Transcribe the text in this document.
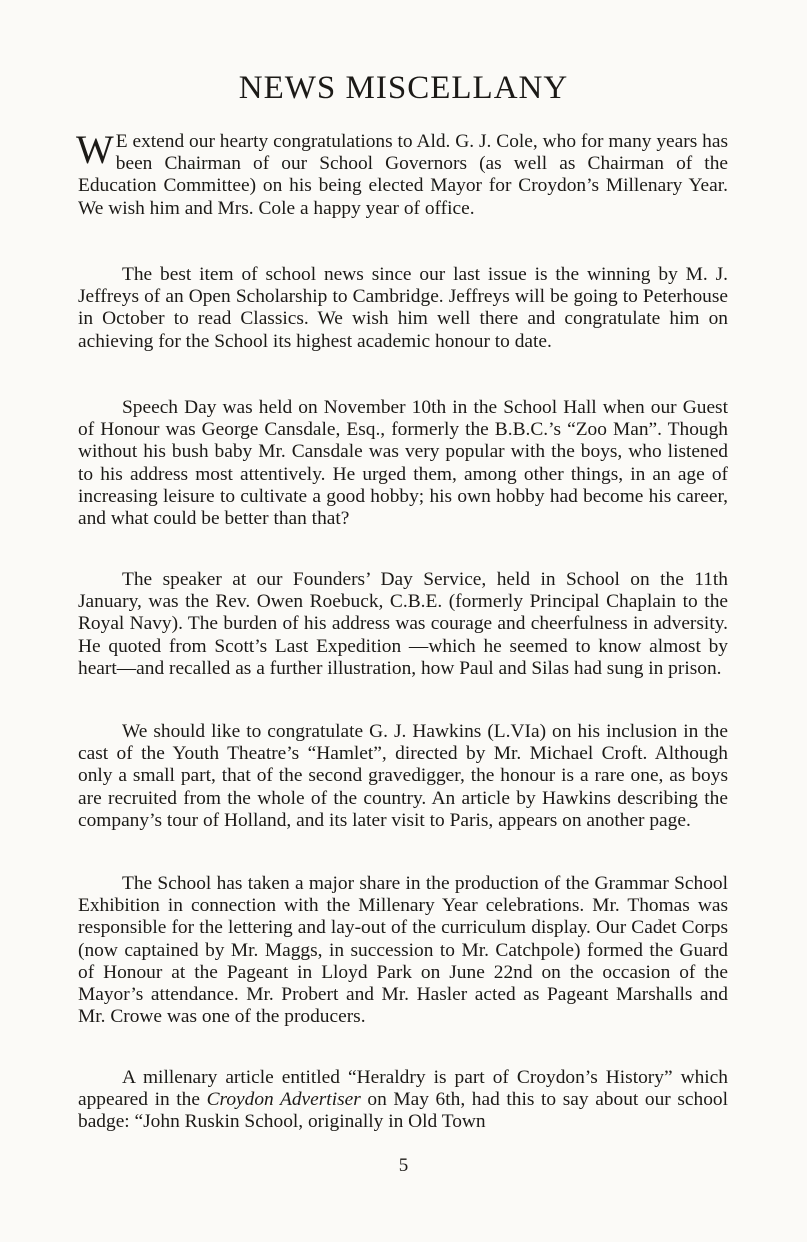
NEWS MISCELLANY

W E extend our hearty congratulations to Ald. G. J. Cole, who for many years has been Chairman of our School Governors (as well as Chairman of the Education Committee) on his being elected Mayor for Croydon’s Millenary Year. We wish him and Mrs. Cole a happy year of office.

The best item of school news since our last issue is the winning by M. J. Jeffreys of an Open Scholarship to Cambridge. Jeffreys will be going to Peterhouse in October to read Classics. We wish him well there and congratulate him on achieving for the School its highest academic honour to date.

Speech Day was held on November 10th in the School Hall when our Guest of Honour was George Cansdale, Esq., formerly the B.B.C.’s “Zoo Man”. Though without his bush baby Mr. Cansdale was very popular with the boys, who listened to his address most attentively. He urged them, among other things, in an age of increasing leisure to cultivate a good hobby; his own hobby had become his career, and what could be better than that?

The speaker at our Founders’ Day Service, held in School on the 11th January, was the Rev. Owen Roebuck, C.B.E. (formerly Principal Chaplain to the Royal Navy). The burden of his address was courage and cheerfulness in adversity. He quoted from Scott’s Last Expedition —which he seemed to know almost by heart—and recalled as a further illustration, how Paul and Silas had sung in prison.

We should like to congratulate G. J. Hawkins (L.VIa) on his inclusion in the cast of the Youth Theatre’s “Hamlet”, directed by Mr. Michael Croft. Although only a small part, that of the second gravedigger, the honour is a rare one, as boys are recruited from the whole of the country. An article by Hawkins describing the company’s tour of Holland, and its later visit to Paris, appears on another page.

The School has taken a major share in the production of the Grammar School Exhibition in connection with the Millenary Year celebrations. Mr. Thomas was responsible for the lettering and lay-out of the curriculum display. Our Cadet Corps (now captained by Mr. Maggs, in succession to Mr. Catchpole) formed the Guard of Honour at the Pageant in Lloyd Park on June 22nd on the occasion of the Mayor’s attendance. Mr. Probert and Mr. Hasler acted as Pageant Marshalls and Mr. Crowe was one of the producers.

A millenary article entitled “Heraldry is part of Croydon’s History” which appeared in the Croydon Advertiser on May 6th, had this to say about our school badge: “John Ruskin School, originally in Old Town

5
